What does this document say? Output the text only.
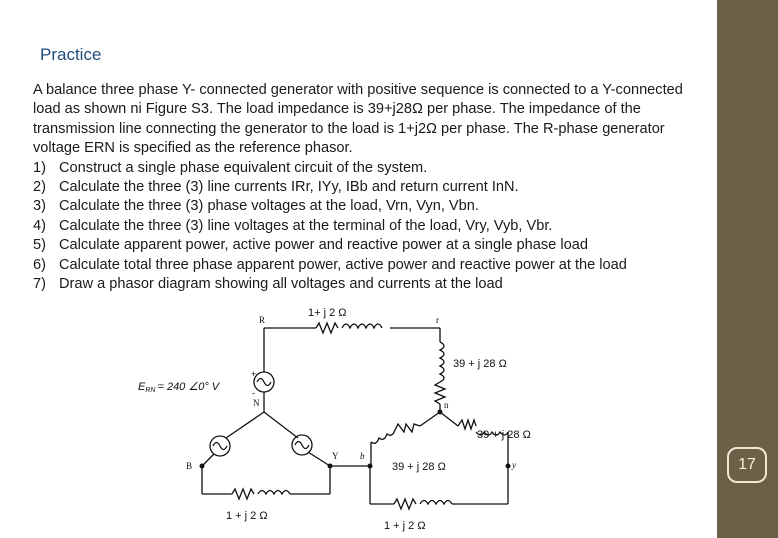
Practice

A balance three phase Y- connected generator with positive sequence is connected to a Y-connected load as shown ni Figure S3. The load impedance is 39+j28Ω per phase. The impedance of the transmission line connecting the generator to the load is 1+j2Ω per phase. The R-phase generator voltage ERN is specified as the reference phasor.

1) Construct a single phase equivalent circuit of the system.
2) Calculate the three (3) line currents IRr, IYy, IBb and return current InN.
3) Calculate the three (3) phase voltages at the load, Vrn, Vyn, Vbn.
4) Calculate the three (3) line voltages at the terminal of the load, Vry, Vyb, Vbr.
5) Calculate apparent power, active power and reactive power at a single phase load
6) Calculate total three phase apparent power, active power and reactive power at the load
7) Draw a phasor diagram showing all voltages and currents at the load
1+ j 2 Ω
39 + j 28 Ω
39 + j 28 Ω
39 + j 28 Ω
1 + j 2 Ω
1 + j 2 Ω
ERN = 240 ∠0° V
+
-
R	r
N	n
B
Y b
y	17
